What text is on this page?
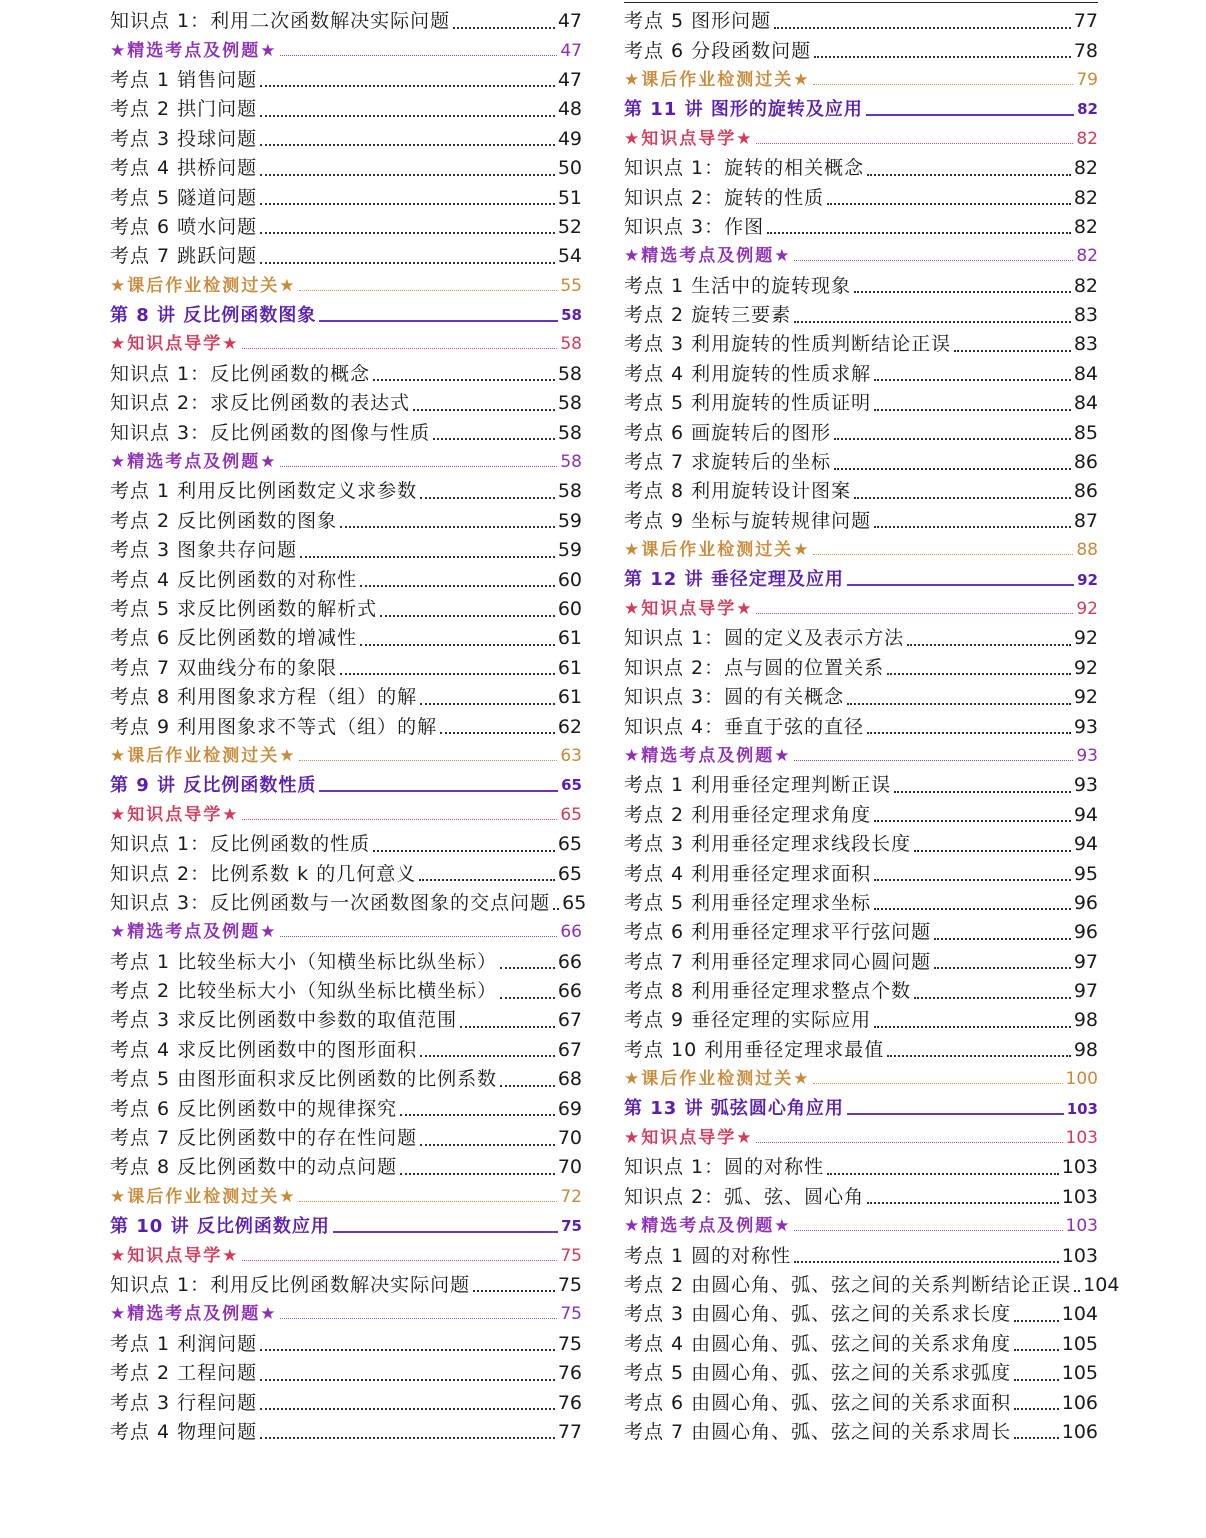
知识点 1：利用二次函数解决实际问题	47
★精选考点及例题★	47
考点 1 销售问题	47
考点 2 拱门问题	48
考点 3 投球问题	49
考点 4 拱桥问题	50
考点 5 隧道问题	51
考点 6 喷水问题	52
考点 7 跳跃问题	54
★课后作业检测过关★	55
第 8 讲 反比例函数图象	58
★知识点导学★	58
知识点 1：反比例函数的概念	58
知识点 2：求反比例函数的表达式	58
知识点 3：反比例函数的图像与性质	58
★精选考点及例题★	58
考点 1 利用反比例函数定义求参数	58
考点 2 反比例函数的图象	59
考点 3 图象共存问题	59
考点 4 反比例函数的对称性	60
考点 5 求反比例函数的解析式	60
考点 6 反比例函数的增减性	61
考点 7 双曲线分布的象限	61
考点 8 利用图象求方程（组）的解	61
考点 9 利用图象求不等式（组）的解	62
★课后作业检测过关★	63
第 9 讲 反比例函数性质	65
★知识点导学★	65
知识点 1：反比例函数的性质	65
知识点 2：比例系数 k 的几何意义	65
知识点 3：反比例函数与一次函数图象的交点问题 65
★精选考点及例题★	66
考点 1 比较坐标大小（知横坐标比纵坐标）	66
考点 2 比较坐标大小（知纵坐标比横坐标）	66
考点 3 求反比例函数中参数的取值范围	67
考点 4 求反比例函数中的图形面积	67
考点 5 由图形面积求反比例函数的比例系数	68
考点 6 反比例函数中的规律探究	69
考点 7 反比例函数中的存在性问题	70
考点 8 反比例函数中的动点问题	70
★课后作业检测过关★	72
第 10 讲 反比例函数应用	75
★知识点导学★	75
知识点 1：利用反比例函数解决实际问题	75
★精选考点及例题★	75
考点 1 利润问题	75
考点 2 工程问题	76
考点 3 行程问题	76
考点 4 物理问题	77
考点 5 图形问题	77
考点 6 分段函数问题	78
★课后作业检测过关★	79
第 11 讲 图形的旋转及应用	82
★知识点导学★	82
知识点 1：旋转的相关概念	82
知识点 2：旋转的性质	82
知识点 3：作图	82
★精选考点及例题★	82
考点 1 生活中的旋转现象	82
考点 2 旋转三要素	83
考点 3 利用旋转的性质判断结论正误	83
考点 4 利用旋转的性质求解	84
考点 5 利用旋转的性质证明	84
考点 6 画旋转后的图形	85
考点 7 求旋转后的坐标	86
考点 8 利用旋转设计图案	86
考点 9 坐标与旋转规律问题	87
★课后作业检测过关★	88
第 12 讲 垂径定理及应用	92
★知识点导学★	92
知识点 1：圆的定义及表示方法	92
知识点 2：点与圆的位置关系	92
知识点 3：圆的有关概念	92
知识点 4：垂直于弦的直径	93
★精选考点及例题★	93
考点 1 利用垂径定理判断正误	93
考点 2 利用垂径定理求角度	94
考点 3 利用垂径定理求线段长度	94
考点 4 利用垂径定理求面积	95
考点 5 利用垂径定理求坐标	96
考点 6 利用垂径定理求平行弦问题	96
考点 7 利用垂径定理求同心圆问题	97
考点 8 利用垂径定理求整点个数	97
考点 9 垂径定理的实际应用	98
考点 10 利用垂径定理求最值	98
★课后作业检测过关★	100
第 13 讲 弧弦圆心角应用	103
★知识点导学★	103
知识点 1：圆的对称性	103
知识点 2：弧、弦、圆心角	103
★精选考点及例题★	103
考点 1 圆的对称性	103
考点 2 由圆心角、弧、弦之间的关系判断结论正误 104
考点 3 由圆心角、弧、弦之间的关系求长度	104
考点 4 由圆心角、弧、弦之间的关系求角度	105
考点 5 由圆心角、弧、弦之间的关系求弧度	105
考点 6 由圆心角、弧、弦之间的关系求面积	106
考点 7 由圆心角、弧、弦之间的关系求周长	106
